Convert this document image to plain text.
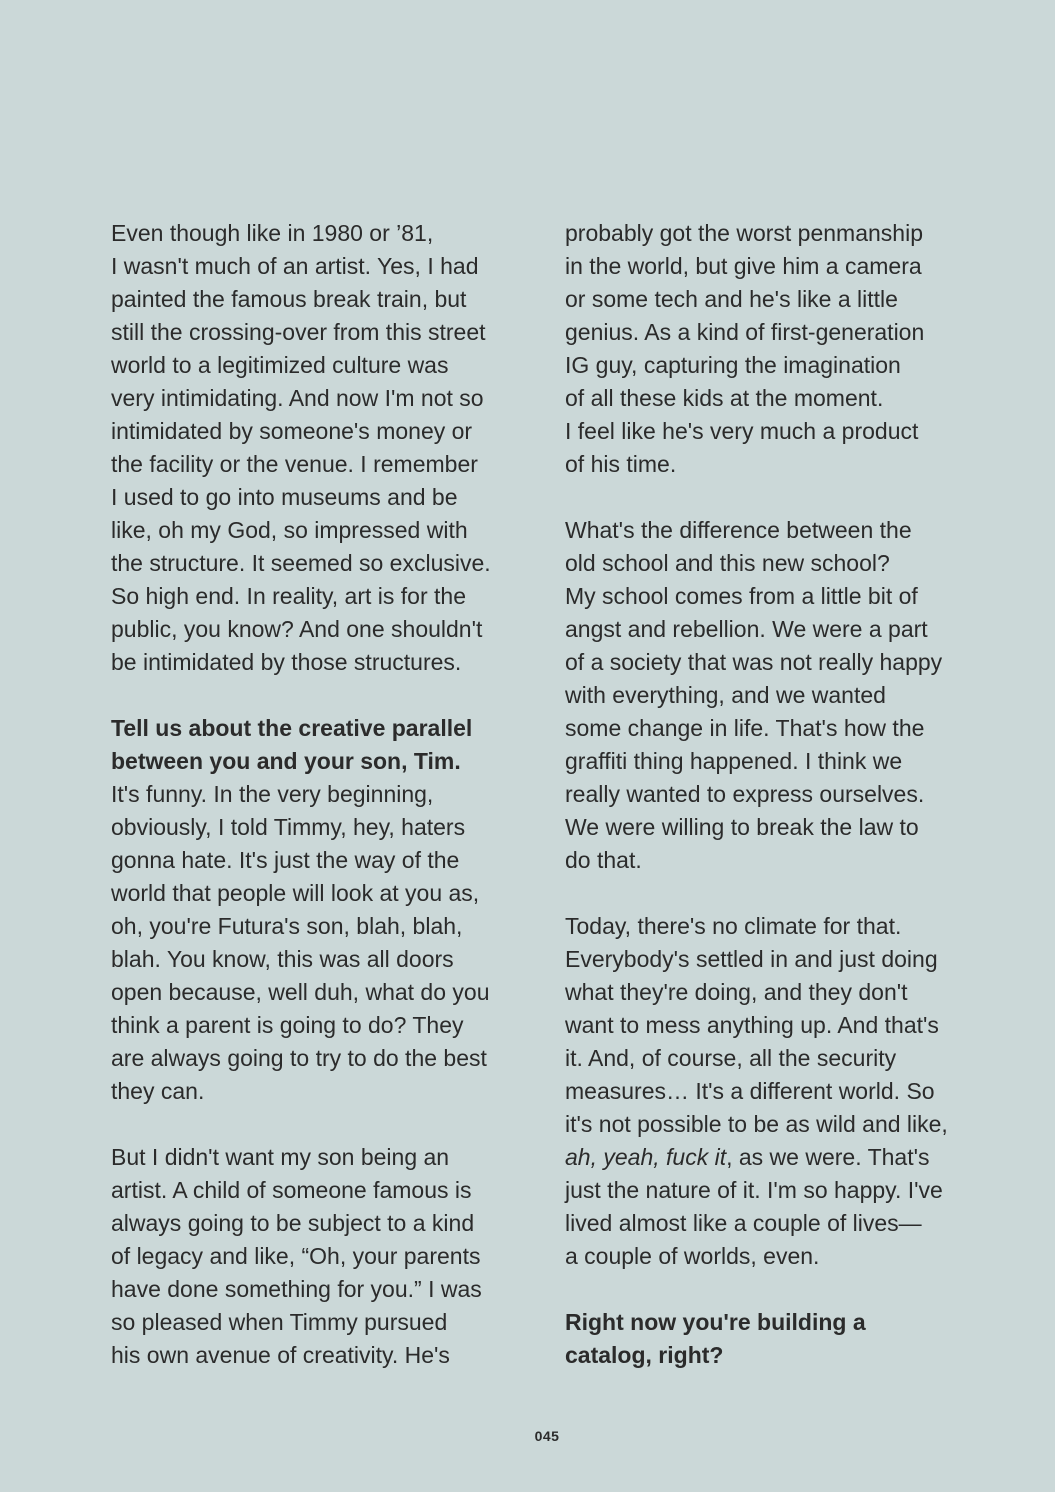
Even though like in 1980 or ’81,
I wasn't much of an artist. Yes, I had
painted the famous break train, but
still the crossing-over from this street
world to a legitimized culture was
very intimidating. And now I'm not so
intimidated by someone's money or
the facility or the venue. I remember
I used to go into museums and be
like, oh my God, so impressed with
the structure. It seemed so exclusive.
So high end. In reality, art is for the
public, you know? And one shouldn't
be intimidated by those structures.
Tell us about the creative parallel
between you and your son, Tim.
It's funny. In the very beginning,
obviously, I told Timmy, hey, haters
gonna hate. It's just the way of the
world that people will look at you as,
oh, you're Futura's son, blah, blah,
blah. You know, this was all doors
open because, well duh, what do you
think a parent is going to do? They
are always going to try to do the best
they can.
But I didn't want my son being an
artist. A child of someone famous is
always going to be subject to a kind
of legacy and like, “Oh, your parents
have done something for you.” I was
so pleased when Timmy pursued
his own avenue of creativity. He's
probably got the worst penmanship
in the world, but give him a camera
or some tech and he's like a little
genius. As a kind of first-generation
IG guy, capturing the imagination
of all these kids at the moment.
I feel like he's very much a product
of his time.
What's the difference between the
old school and this new school?
My school comes from a little bit of
angst and rebellion. We were a part
of a society that was not really happy
with everything, and we wanted
some change in life. That's how the
graffiti thing happened. I think we
really wanted to express ourselves.
We were willing to break the law to
do that.
Today, there's no climate for that.
Everybody's settled in and just doing
what they're doing, and they don't
want to mess anything up. And that's
it. And, of course, all the security
measures… It's a different world. So
it's not possible to be as wild and like,
ah, yeah, fuck it, as we were. That's
just the nature of it. I'm so happy. I've
lived almost like a couple of lives—
a couple of worlds, even.
Right now you're building a
catalog, right?
045
